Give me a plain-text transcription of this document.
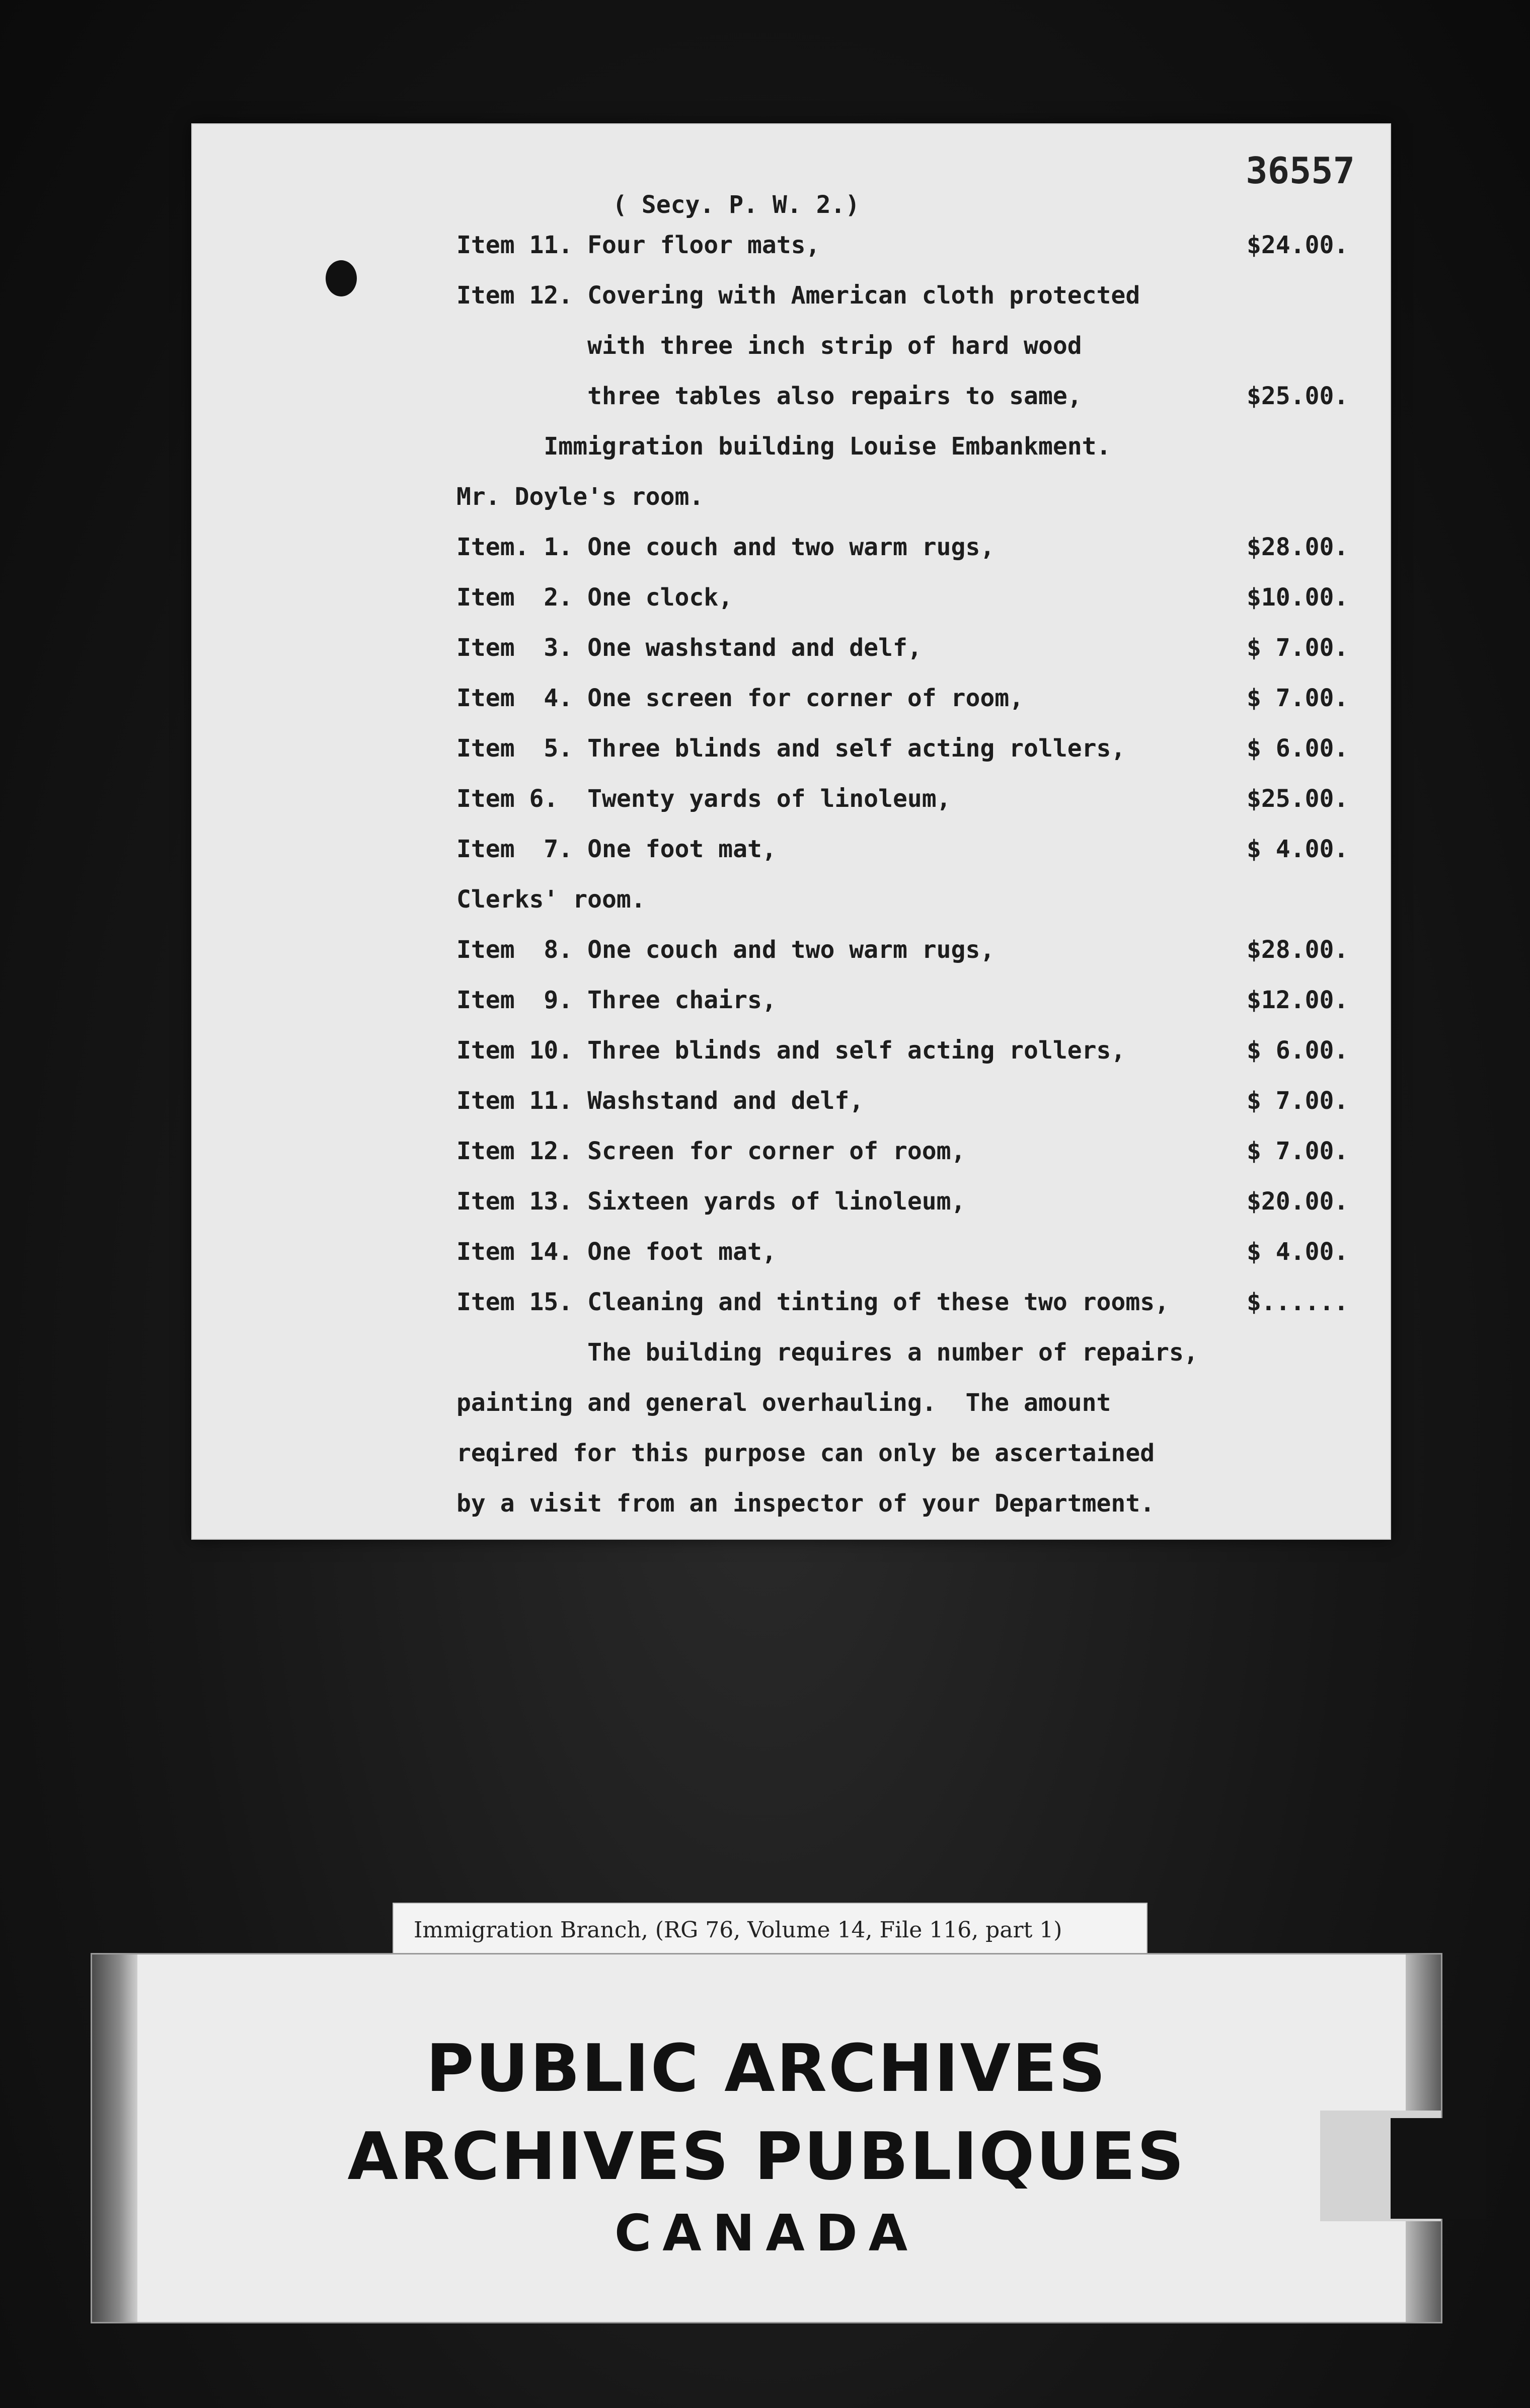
36557
( Secy. P. W. 2.)
Item 11. Four floor mats,	$24.00.
Item 12. Covering with American cloth protected
with three inch strip of hard wood
three tables also repairs to same,	$25.00.
Immigration building Louise Embankment.
Mr. Doyle's room.
Item. 1. One couch and two warm rugs,	$28.00.
Item  2. One clock,	$10.00.
Item  3. One washstand and delf,	$ 7.00.
Item  4. One screen for corner of room,	$ 7.00.
Item  5. Three blinds and self acting rollers,	$ 6.00.
Item 6.  Twenty yards of linoleum,	$25.00.
Item  7. One foot mat,	$ 4.00.
Clerks' room.
Item  8. One couch and two warm rugs,	$28.00.
Item  9. Three chairs,	$12.00.
Item 10. Three blinds and self acting rollers,	$ 6.00.
Item 11. Washstand and delf,	$ 7.00.
Item 12. Screen for corner of room,	$ 7.00.
Item 13. Sixteen yards of linoleum,	$20.00.
Item 14. One foot mat,	$ 4.00.
Item 15. Cleaning and tinting of these two rooms,	$......
The building requires a number of repairs,
painting and general overhauling.  The amount
reqired for this purpose can only be ascertained
by a visit from an inspector of your Department.
Immigration Branch, (RG 76, Volume 14, File 116, part 1)
PUBLIC ARCHIVES
ARCHIVES PUBLIQUES
CANADA
